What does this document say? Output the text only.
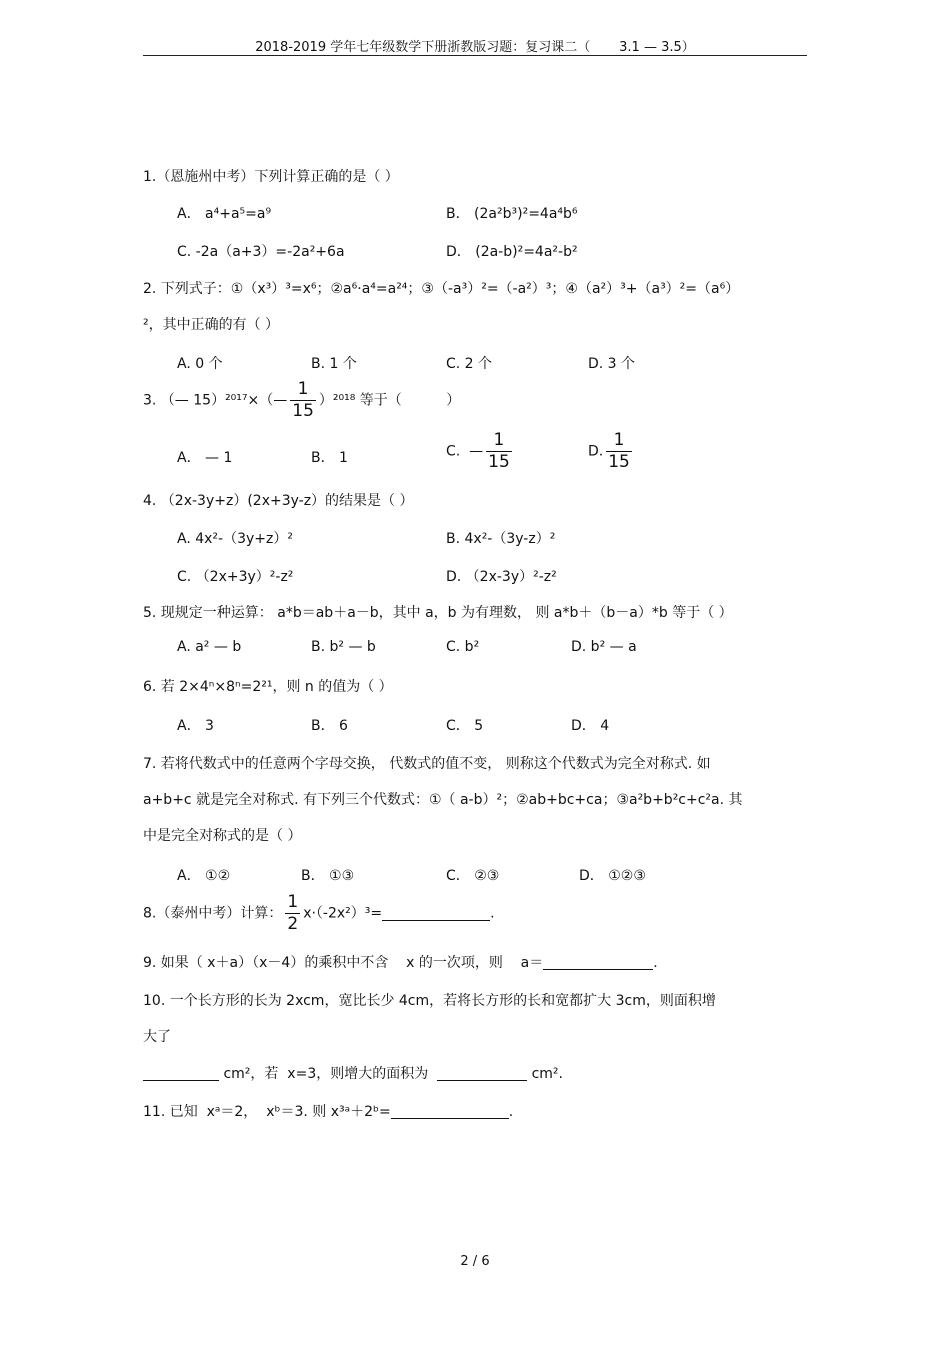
2018-2019 学年七年级数学下册浙教版习题：复习课二（       3.1 — 3.5）
1.（恩施州中考）下列计算正确的是（ ）
A． a⁴+a⁵=a⁹	B． (2a²b³)²=4a⁴b⁶
C. -2a（a+3）=-2a²+6a	D． (2a-b)²=4a²-b²
2. 下列式子：①（x³）³=x⁶；②a⁶·a⁴=a²⁴；③（-a³）²=（-a²）³；④（a²）³+（a³）²=（a⁶）
²，其中正确的有（ ）
A. 0 个	B. 1 个	C. 2 个	D. 3 个
3. （— 15）²⁰¹⁷×（— $\frac{1}{15} )^{2018}$ 等于（          ）
A． — 1	B． 1	C.  — $\frac{1}{15}$	D. $\frac{1}{15}$
4. （2x-3y+z）(2x+3y-z）的结果是（ ）
A. 4x²-（3y+z）²	B. 4x²-（3y-z）²
C. （2x+3y）²-z²	D. （2x-3y）²-z²
5. 现规定一种运算： a*b＝ab＋a－b，其中 a，b 为有理数， 则 a*b＋（b－a）*b 等于（ ）
A. a² — b	B. b² — b	C. b²	D. b² — a
6. 若 2×4ⁿ×8ⁿ=2²¹，则 n 的值为（ ）
A． 3	B． 6	C． 5	D． 4
7. 若将代数式中的任意两个字母交换， 代数式的值不变， 则称这个代数式为完全对称式. 如
a+b+c 就是完全对称式. 有下列三个代数式：①（ a-b）²；②ab+bc+ca；③a²b+b²c+c²a. 其
中是完全对称式的是（ ）
A． ①②	B． ①③	C． ②③	D． ①②③
8.（泰州中考）计算： $\frac{1}{2} x\cdot(-2x^2)^3=$	.
9. 如果（ x＋a）（x－4）的乘积中不含    x 的一次项，则    a＝	.
10. 一个长方形的长为 2xcm，宽比长少 4cm，若将长方形的长和宽都扩大 3cm，则面积增
大了
cm²，若  x=3，则增大的面积为	cm².
11. 已知  xᵃ＝2，  xᵇ＝3. 则 x³ᵃ＋2ᵇ=	.
2 / 6
